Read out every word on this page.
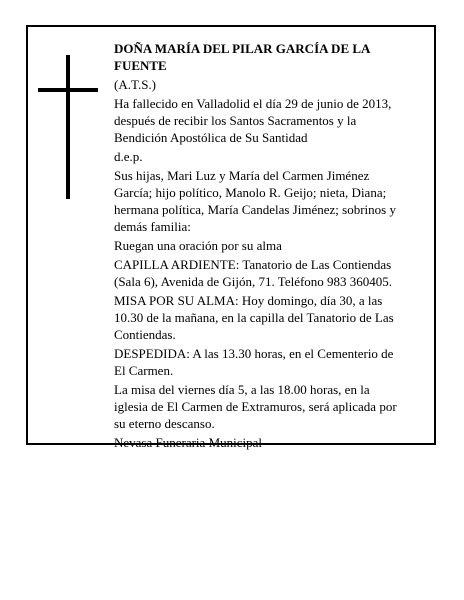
DOÑA MARÍA DEL PILAR GARCÍA DE LA

FUENTE

(A.T.S.)

Ha fallecido en Valladolid el día 29 de junio de 2013,

después de recibir los Santos Sacramentos y la

Bendición Apostólica de Su Santidad

d.e.p.

Sus hijas, Mari Luz y María del Carmen Jiménez

García; hijo político, Manolo R. Geijo; nieta, Diana;

hermana política, María Candelas Jiménez; sobrinos y

demás familia:

Ruegan una oración por su alma

CAPILLA ARDIENTE: Tanatorio de Las Contiendas

(Sala 6), Avenida de Gijón, 71. Teléfono 983 360405.

MISA POR SU ALMA: Hoy domingo, día 30, a las

10.30 de la mañana, en la capilla del Tanatorio de Las

Contiendas.

DESPEDIDA: A las 13.30 horas, en el Cementerio de

El Carmen.

La misa del viernes día 5, a las 18.00 horas, en la

iglesia de El Carmen de Extramuros, será aplicada por

su eterno descanso.

Nevasa Funeraria Municipal
